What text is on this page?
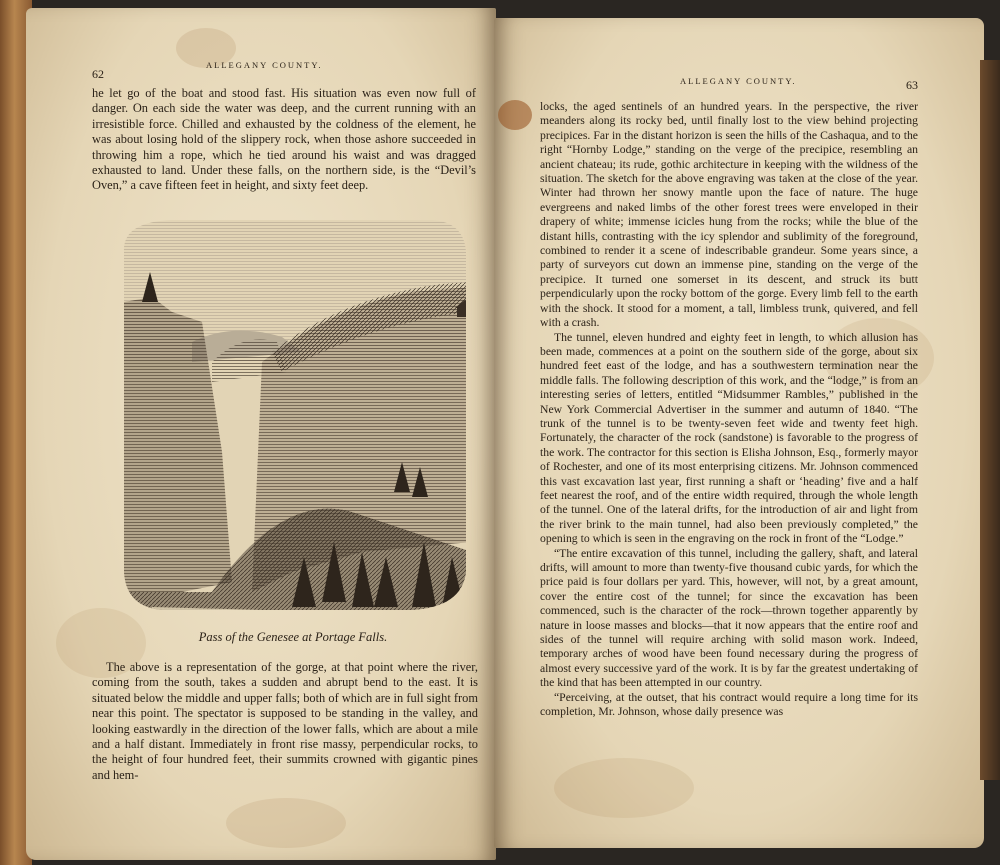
ALLEGANY COUNTY.
62

he let go of the boat and stood fast. His situation was even now full of danger. On each side the water was deep, and the current running with an irresistible force. Chilled and exhausted by the coldness of the element, he was about losing hold of the slippery rock, when those ashore succeeded in throwing him a rope, which he tied around his waist and was dragged exhausted to land. Under these falls, on the northern side, is the “Devil’s Oven,” a cave fifteen feet in height, and sixty feet deep.

Pass of the Genesee at Portage Falls.

The above is a representation of the gorge, at that point where the river, coming from the south, takes a sudden and abrupt bend to the east. It is situated below the middle and upper falls; both of which are in full sight from near this point. The spectator is supposed to be standing in the valley, and looking eastwardly in the direction of the lower falls, which are about a mile and a half distant. Immediately in front rise massy, perpendicular rocks, to the height of four hundred feet, their summits crowned with gigantic pines and hem-

ALLEGANY COUNTY.	63

locks, the aged sentinels of an hundred years. In the perspective, the river meanders along its rocky bed, until finally lost to the view behind projecting precipices. Far in the distant horizon is seen the hills of the Cashaqua, and to the right “Hornby Lodge,” standing on the verge of the precipice, resembling an ancient chateau; its rude, gothic architecture in keeping with the wildness of the situation. The sketch for the above engraving was taken at the close of the year. Winter had thrown her snowy mantle upon the face of nature. The huge evergreens and naked limbs of the other forest trees were enveloped in their drapery of white; immense icicles hung from the rocks; while the blue of the distant hills, contrasting with the icy splendor and sublimity of the foreground, combined to render it a scene of indescribable grandeur. Some years since, a party of surveyors cut down an immense pine, standing on the verge of the precipice. It turned one somerset in its descent, and struck its butt perpendicularly upon the rocky bottom of the gorge. Every limb fell to the earth with the shock. It stood for a moment, a tall, limbless trunk, quivered, and fell with a crash.

The tunnel, eleven hundred and eighty feet in length, to which allusion has been made, commences at a point on the southern side of the gorge, about six hundred feet east of the lodge, and has a southwestern termination near the middle falls. The following description of this work, and the “lodge,” is from an interesting series of letters, entitled “Midsummer Rambles,” published in the New York Commercial Advertiser in the summer and autumn of 1840. “The trunk of the tunnel is to be twenty-seven feet wide and twenty feet high. Fortunately, the character of the rock (sandstone) is favorable to the progress of the work. The contractor for this section is Elisha Johnson, Esq., formerly mayor of Rochester, and one of its most enterprising citizens. Mr. Johnson commenced this vast excavation last year, first running a shaft or ‘heading’ five and a half feet nearest the roof, and of the entire width required, through the whole length of the tunnel. One of the lateral drifts, for the introduction of air and light from the river brink to the main tunnel, had also been previously completed,” the opening to which is seen in the engraving on the rock in front of the “Lodge.”

“The entire excavation of this tunnel, including the gallery, shaft, and lateral drifts, will amount to more than twenty-five thousand cubic yards, for which the price paid is four dollars per yard. This, however, will not, by a great amount, cover the entire cost of the tunnel; for since the excavation has been commenced, such is the character of the rock—thrown together apparently by nature in loose masses and blocks—that it now appears that the entire roof and sides of the tunnel will require arching with solid mason work. Indeed, temporary arches of wood have been found necessary during the progress of almost every successive yard of the work. It is by far the greatest undertaking of the kind that has been attempted in our country.

“Perceiving, at the outset, that his contract would require a long time for its completion, Mr. Johnson, whose daily presence was
